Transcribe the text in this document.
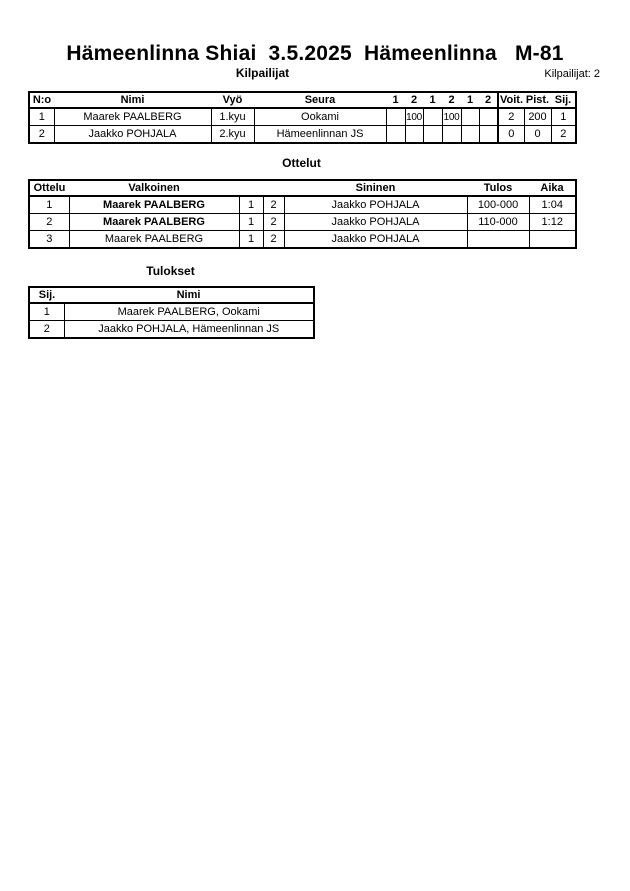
Hämeenlinna Shiai  3.5.2025  Hämeenlinna   M-81
Kilpailijat	Kilpailijat: 2
N:o	Nimi	Vyö	Seura	1	2	1	2	1	2	Voit.	Pist.	Sij.
1	Maarek PAALBERG	1.kyu	Ookami		100		100			2	200	1
2	Jaakko POHJALA	2.kyu	Hämeenlinnan JS							0	0	2
Ottelut
Ottelu	Valkoinen			Sininen	Tulos	Aika
1	Maarek PAALBERG	1	2	Jaakko POHJALA	100-000	1:04
2	Maarek PAALBERG	1	2	Jaakko POHJALA	110-000	1:12
3	Maarek PAALBERG	1	2	Jaakko POHJALA		
Tulokset
Sij.	Nimi
1	Maarek PAALBERG, Ookami
2	Jaakko POHJALA, Hämeenlinnan JS
